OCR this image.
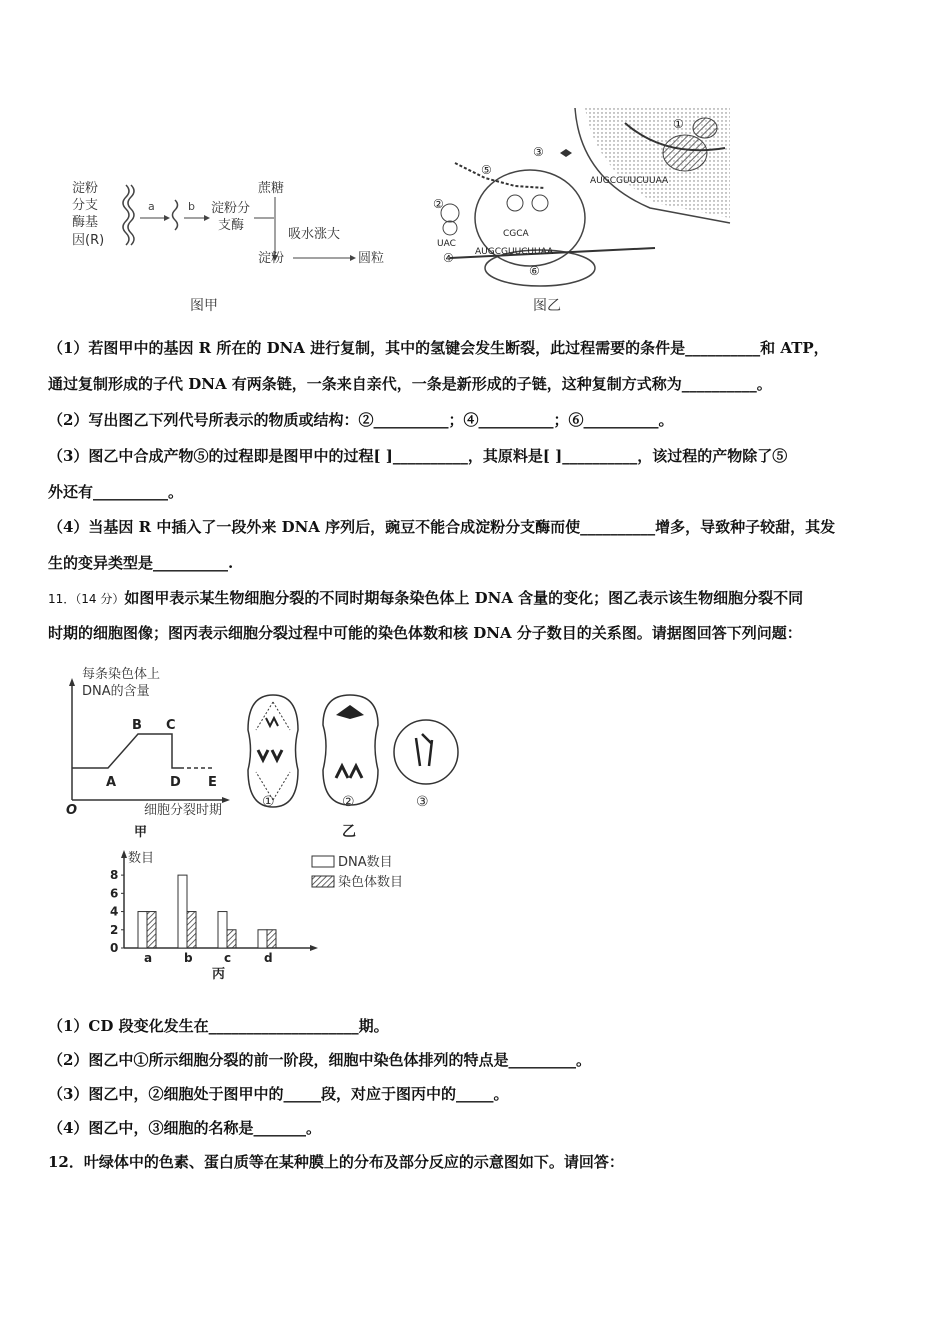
淀粉
分支
酶基
因(R)
a	b 淀粉分
支酶
蔗糖
吸水涨大
淀粉	圆粒
图甲
AUGCGUUCUUAA
①
⑥
AUGCGUUCUUAA
UAC
CGCA
④
②
⑤
③
图乙
（1）若图甲中的基因 R 所在的 DNA 进行复制，其中的氢键会发生断裂，此过程需要的条件是__________和 ATP，
通过复制形成的子代 DNA 有两条链，一条来自亲代，一条是新形成的子链，这种复制方式称为__________。
（2）写出图乙下列代号所表示的物质或结构：②__________；④__________；⑥__________。
（3）图乙中合成产物⑤的过程即是图甲中的过程[ ]__________，其原料是[ ]__________，该过程的产物除了⑤
外还有__________。
（4）当基因 R 中插入了一段外来 DNA 序列后，豌豆不能合成淀粉分支酶而使__________增多，导致种子较甜，其发
生的变异类型是__________.
11．（14 分）如图甲表示某生物细胞分裂的不同时期每条染色体上 DNA 含量的变化；图乙表示该生物细胞分裂不同
时期的细胞图像；图丙表示细胞分裂过程中可能的染色体数和核 DNA 分子数目的关系图。请据图回答下列问题：
每条染色体上
DNA的含量
A
B C
D E
O	细胞分裂时期
甲
①	②	③
乙
数目
0
2
4
6
8
a	b	c	d
丙
DNA数目
染色体数目
（1）CD 段变化发生在____________________期。
（2）图乙中①所示细胞分裂的前一阶段，细胞中染色体排列的特点是_________。
（3）图乙中，②细胞处于图甲中的_____段，对应于图丙中的_____。
（4）图乙中，③细胞的名称是_______。
12．叶绿体中的色素、蛋白质等在某种膜上的分布及部分反应的示意图如下。请回答：
